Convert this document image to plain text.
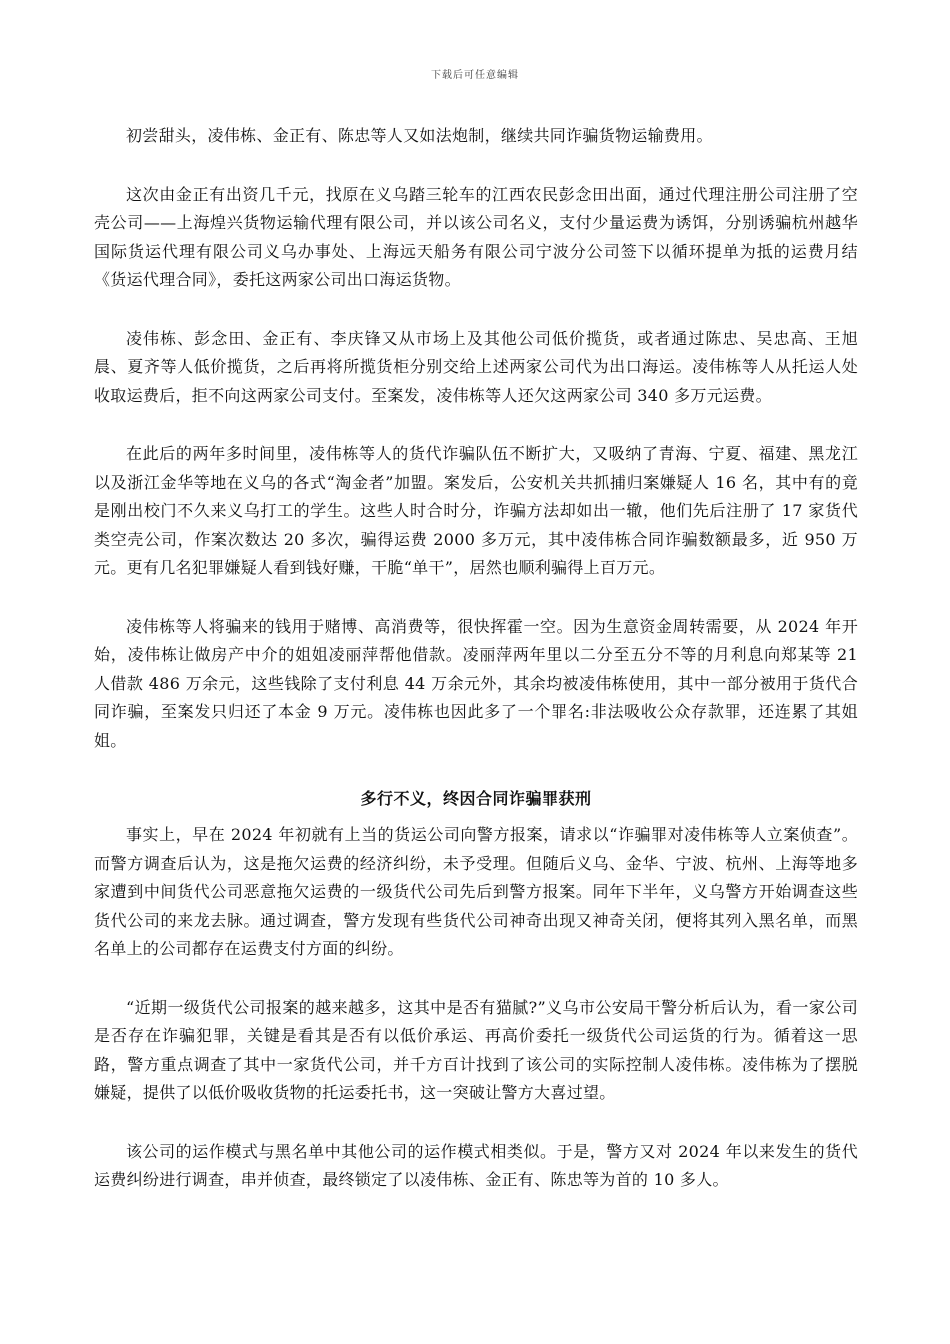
下载后可任意编辑

初尝甜头，凌伟栋、金正有、陈忠等人又如法炮制，继续共同诈骗货物运输费用。

这次由金正有出资几千元，找原在义乌踏三轮车的江西农民彭念田出面，通过代理注册公司注册了空壳公司——上海煌兴货物运输代理有限公司，并以该公司名义，支付少量运费为诱饵，分别诱骗杭州越华国际货运代理有限公司义乌办事处、上海远天船务有限公司宁波分公司签下以循环提单为抵的运费月结《货运代理合同》，委托这两家公司出口海运货物。

凌伟栋、彭念田、金正有、李庆锋又从市场上及其他公司低价揽货，或者通过陈忠、吴忠高、王旭晨、夏齐等人低价揽货，之后再将所揽货柜分别交给上述两家公司代为出口海运。凌伟栋等人从托运人处收取运费后，拒不向这两家公司支付。至案发，凌伟栋等人还欠这两家公司 340 多万元运费。

在此后的两年多时间里，凌伟栋等人的货代诈骗队伍不断扩大，又吸纳了青海、宁夏、福建、黑龙江以及浙江金华等地在义乌的各式“淘金者”加盟。案发后，公安机关共抓捕归案嫌疑人 16 名，其中有的竟是刚出校门不久来义乌打工的学生。这些人时合时分，诈骗方法却如出一辙，他们先后注册了 17 家货代类空壳公司，作案次数达 20 多次，骗得运费 2000 多万元，其中凌伟栋合同诈骗数额最多，近 950 万元。更有几名犯罪嫌疑人看到钱好赚，干脆“单干”，居然也顺利骗得上百万元。

凌伟栋等人将骗来的钱用于赌博、高消费等，很快挥霍一空。因为生意资金周转需要，从 2024 年开始，凌伟栋让做房产中介的姐姐凌丽萍帮他借款。凌丽萍两年里以二分至五分不等的月利息向郑某等 21 人借款 486 万余元，这些钱除了支付利息 44 万余元外，其余均被凌伟栋使用，其中一部分被用于货代合同诈骗，至案发只归还了本金 9 万元。凌伟栋也因此多了一个罪名:非法吸收公众存款罪，还连累了其姐姐。

多行不义，终因合同诈骗罪获刑

事实上，早在 2024 年初就有上当的货运公司向警方报案，请求以“诈骗罪对凌伟栋等人立案侦查”。而警方调查后认为，这是拖欠运费的经济纠纷，未予受理。但随后义乌、金华、宁波、杭州、上海等地多家遭到中间货代公司恶意拖欠运费的一级货代公司先后到警方报案。同年下半年，义乌警方开始调查这些货代公司的来龙去脉。通过调查，警方发现有些货代公司神奇出现又神奇关闭，便将其列入黑名单，而黑名单上的公司都存在运费支付方面的纠纷。

“近期一级货代公司报案的越来越多，这其中是否有猫腻?”义乌市公安局干警分析后认为，看一家公司是否存在诈骗犯罪，关键是看其是否有以低价承运、再高价委托一级货代公司运货的行为。循着这一思路，警方重点调查了其中一家货代公司，并千方百计找到了该公司的实际控制人凌伟栋。凌伟栋为了摆脱嫌疑，提供了以低价吸收货物的托运委托书，这一突破让警方大喜过望。

该公司的运作模式与黑名单中其他公司的运作模式相类似。于是，警方又对 2024 年以来发生的货代运费纠纷进行调查，串并侦查，最终锁定了以凌伟栋、金正有、陈忠等为首的 10 多人。
